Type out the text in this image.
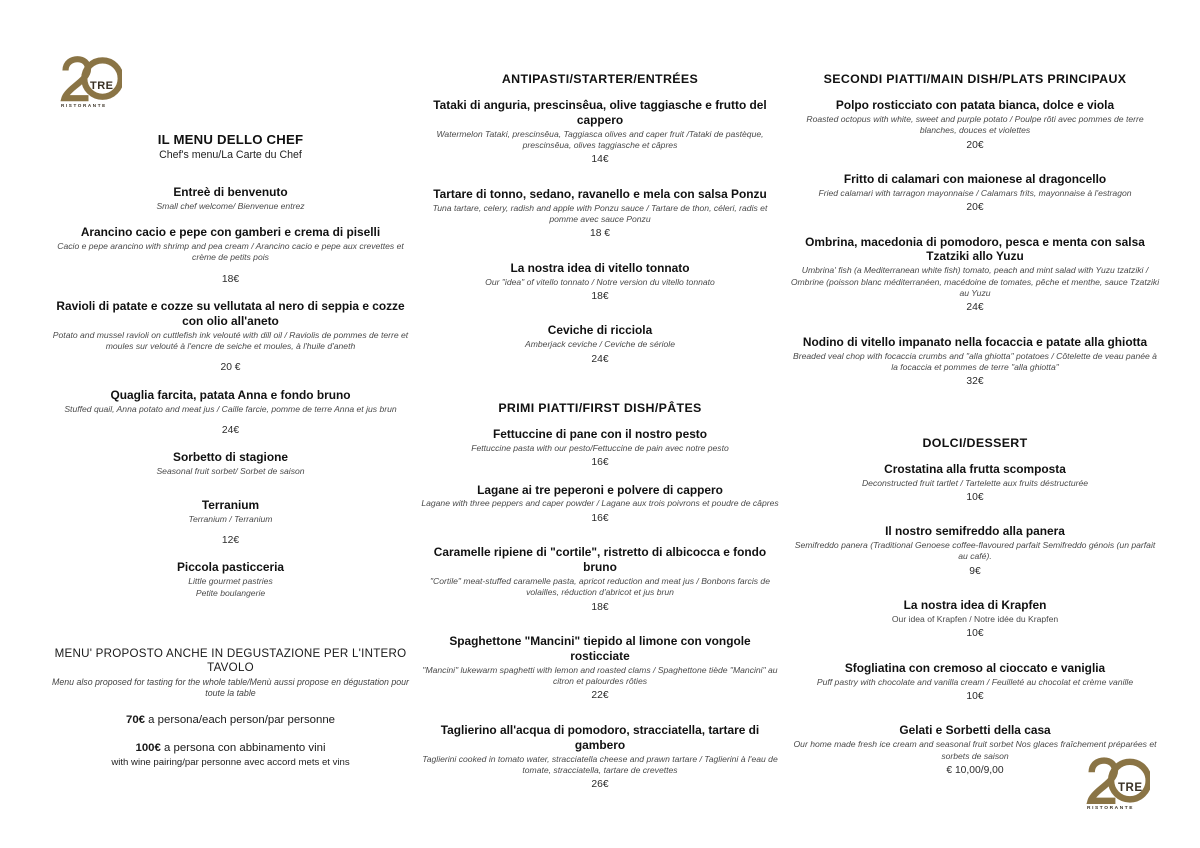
TRE
RISTORANTE
TRE
RISTORANTE
IL MENU DELLO CHEF
Chef's menu/La Carte du Chef
Entreè di benvenuto
Small chef welcome/ Bienvenue entrez
Arancino cacio e pepe con gamberi e crema di piselli
Cacio e pepe arancino with shrimp and pea cream / Arancino cacio e pepe aux crevettes et crème de petits pois
18€
Ravioli di patate e cozze su vellutata al nero di seppia e cozze con olio all'aneto
Potato and mussel ravioli on cuttlefish ink velouté with dill oil / Raviolis de pommes de terre et moules sur velouté à l'encre de seiche et moules, à l'huile d'aneth
20 €
Quaglia farcita, patata Anna e fondo bruno
Stuffed quail, Anna potato and meat jus / Caille farcie, pomme de terre Anna et jus brun
24€
Sorbetto di stagione
Seasonal fruit sorbet/ Sorbet de saison
Terranium
Terranium / Terranium
12€
Piccola pasticceria
Little gourmet pastries
Petite boulangerie
MENU' PROPOSTO ANCHE IN DEGUSTAZIONE PER L'INTERO TAVOLO
Menu also proposed for tasting for the whole table/Menù aussi propose en dégustation pour toute la table
70€ a persona/each person/par personne
100€ a persona con abbinamento vini
with wine pairing/par personne avec accord mets et vins
ANTIPASTI/STARTER/ENTRÉES
Tataki di anguria, prescinsêua, olive taggiasche e frutto del cappero
Watermelon Tataki, prescinsêua, Taggiasca olives and caper fruit /Tataki de pastèque, prescinsêua, olives taggiasche et câpres
14€
Tartare di tonno, sedano, ravanello e mela con salsa Ponzu
Tuna tartare, celery, radish and apple with Ponzu sauce / Tartare de thon, céleri, radis et pomme avec sauce Ponzu
18 €
La nostra idea di vitello tonnato
Our "idea" of vitello tonnato / Notre version du vitello tonnato
18€
Ceviche di ricciola
Amberjack ceviche / Ceviche de sériole
24€
PRIMI PIATTI/FIRST DISH/PÂTES
Fettuccine di pane con il nostro pesto
Fettuccine pasta with our pesto/Fettuccine de pain avec notre pesto
16€
Lagane ai tre peperoni e polvere di cappero
Lagane with three peppers and caper powder / Lagane aux trois poivrons et poudre de câpres
16€
Caramelle ripiene di "cortile", ristretto di albicocca e fondo bruno
"Cortile" meat-stuffed caramelle pasta, apricot reduction and meat jus / Bonbons farcis de volailles, réduction d'abricot et jus brun
18€
Spaghettone "Mancini" tiepido al limone con vongole rosticciate
"Mancini" lukewarm spaghetti with lemon and roasted clams / Spaghettone tiède "Mancini" au citron et palourdes rôties
22€
Taglierino all'acqua di pomodoro, stracciatella, tartare di gambero
Taglierini cooked in tomato water, stracciatella cheese and prawn tartare / Taglierini à l'eau de tomate, stracciatella, tartare de crevettes
26€
SECONDI PIATTI/MAIN DISH/PLATS PRINCIPAUX
Polpo rosticciato con patata bianca, dolce e viola
Roasted octopus with white, sweet and purple potato / Poulpe rôti avec pommes de terre blanches, douces et violettes
20€
Fritto di calamari con maionese al dragoncello
Fried calamari with tarragon mayonnaise / Calamars frits, mayonnaise à l'estragon
20€
Ombrina, macedonia di pomodoro, pesca e menta con salsa Tzatziki allo Yuzu
Umbrina' fish (a Mediterranean white fish) tomato, peach and mint salad with Yuzu tzatziki / Ombrine (poisson blanc méditerranéen, macédoine de tomates, pêche et menthe, sauce Tzatziki au Yuzu
24€
Nodino di vitello impanato nella focaccia e patate alla ghiotta
Breaded veal chop with focaccia crumbs and "alla ghiotta" potatoes / Côtelette de veau panée à la focaccia et pommes de terre "alla ghiotta"
32€
DOLCI/DESSERT
Crostatina alla frutta scomposta
Deconstructed fruit tartlet / Tartelette aux fruits déstructurée
10€
Il nostro semifreddo alla panera
Semifreddo panera (Traditional Genoese coffee-flavoured parfait Semifreddo génois (un parfait au café).
9€
La nostra idea di Krapfen
Our idea of Krapfen / Notre idée du Krapfen
10€
Sfogliatina con cremoso al cioccato e vaniglia
Puff pastry with chocolate and vanilla cream / Feuilleté au chocolat et crème vanille
10€
Gelati e Sorbetti della casa
Our home made fresh ice cream and seasonal fruit sorbet Nos glaces fraîchement préparées et sorbets de saison
€ 10,00/9,00
